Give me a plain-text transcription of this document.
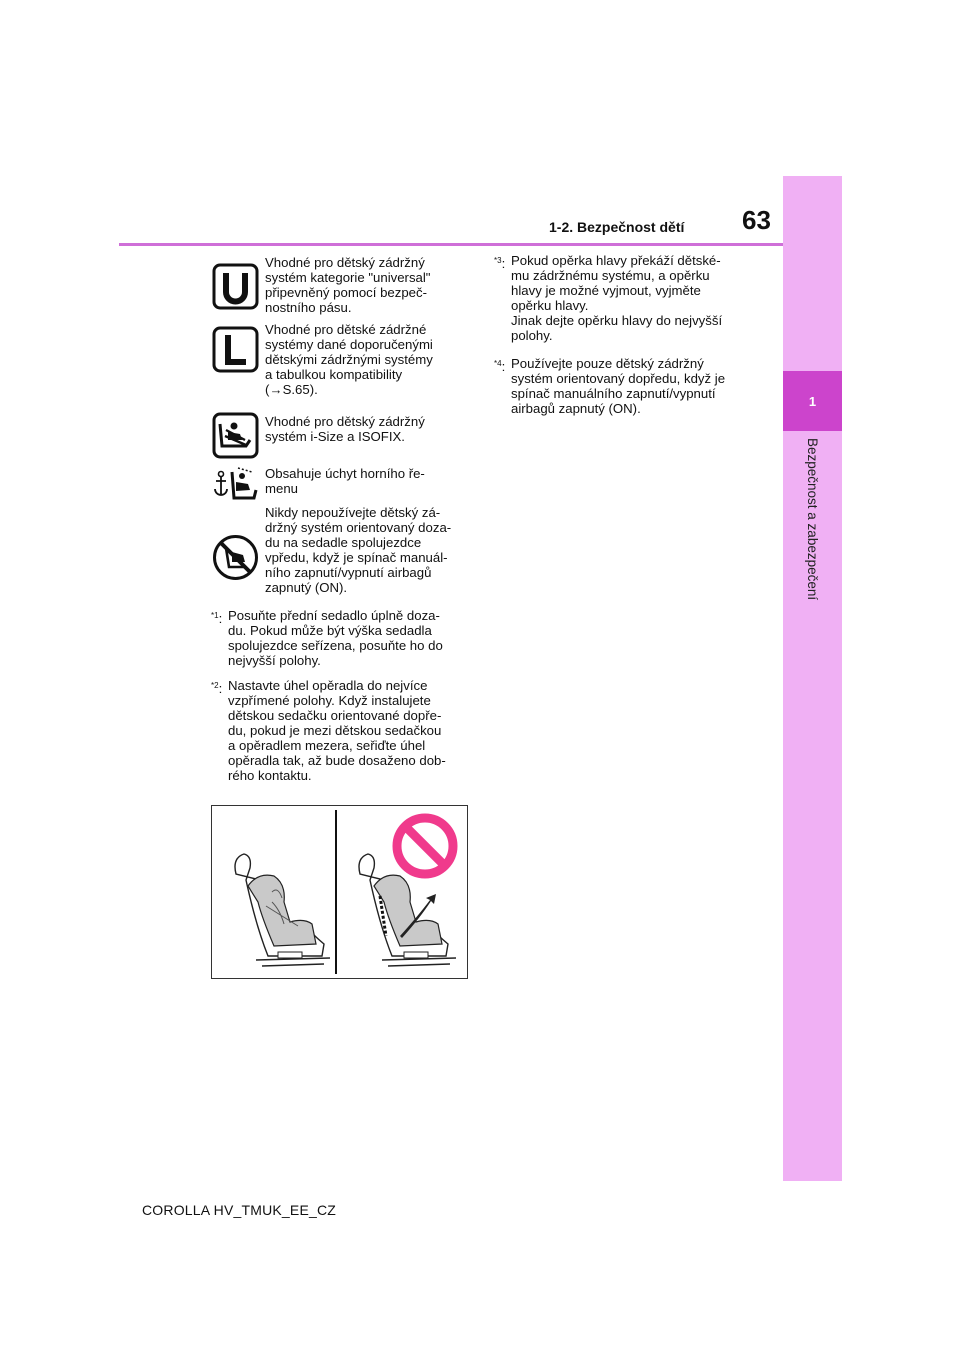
1
Bezpečnost a zabezpečení
1-2. Bezpečnost dětí 63
Vhodné pro dětský zádržný
systém kategorie "universal"
připevněný pomocí bezpeč-
nostního pásu.
Vhodné pro dětské zádržné
systémy dané doporučenými
dětskými zádržnými systémy
a tabulkou kompatibility
(→S.65).
Vhodné pro dětský zádržný
systém i-Size a ISOFIX.
Obsahuje úchyt horního ře-
menu
Nikdy nepoužívejte dětský zá-
držný systém orientovaný doza-
du na sedadle spolujezdce
vpředu, když je spínač manuál-
ního zapnutí/vypnutí airbagů
zapnutý (ON).
$^{*1}$: Posuňte přední sedadlo úplně doza-
du. Pokud může být výška sedadla
spolujezdce seřízena, posuňte ho do
nejvyšší polohy.
$^{*2}$: Nastavte úhel opěradla do nejvíce
vzpřímené polohy. Když instalujete
dětskou sedačku orientované dopře-
du, pokud je mezi dětskou sedačkou
a opěradlem mezera, seřiďte úhel
opěradla tak, až bude dosaženo dob-
rého kontaktu.
$^{*3}$: Pokud opěrka hlavy překáží dětské-
mu zádržnému systému, a opěrku
hlavy je možné vyjmout, vyjměte
opěrku hlavy.
Jinak dejte opěrku hlavy do nejvyšší
polohy.
$^{*4}$: Používejte pouze dětský zádržný
systém orientovaný dopředu, když je
spínač manuálního zapnutí/vypnutí
airbagů zapnutý (ON).
COROLLA HV_TMUK_EE_CZ
